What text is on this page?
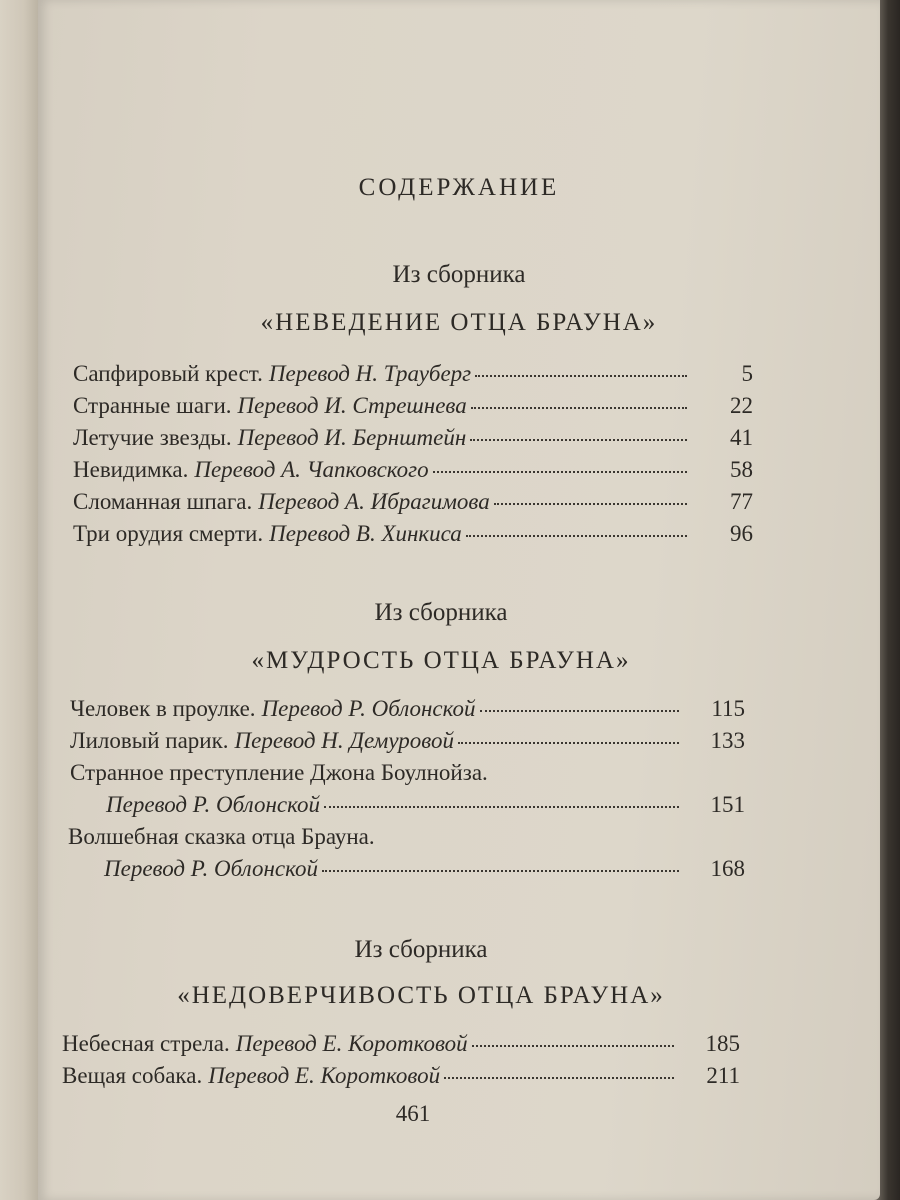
СОДЕРЖАНИЕ
Из сборника
«НЕВЕДЕНИЕ ОТЦА БРАУНА»
Сапфировый крест. Перевод Н. Трауберг	5
Странные шаги. Перевод И. Стрешнева	22
Летучие звезды. Перевод И. Бернштейн	41
Невидимка. Перевод А. Чапковского	58
Сломанная шпага. Перевод А. Ибрагимова	77
Три орудия смерти. Перевод В. Хинкиса	96
Из сборника
«МУДРОСТЬ ОТЦА БРАУНА»
Человек в проулке. Перевод Р. Облонской	115
Лиловый парик. Перевод Н. Демуровой	133
Странное преступление Джона Боулнойза.
Перевод Р. Облонской	151
Волшебная сказка отца Брауна.
Перевод Р. Облонской	168
Из сборника
«НЕДОВЕРЧИВОСТЬ ОТЦА БРАУНА»
Небесная стрела. Перевод Е. Коротковой	185
Вещая собака. Перевод Е. Коротковой	211
461
